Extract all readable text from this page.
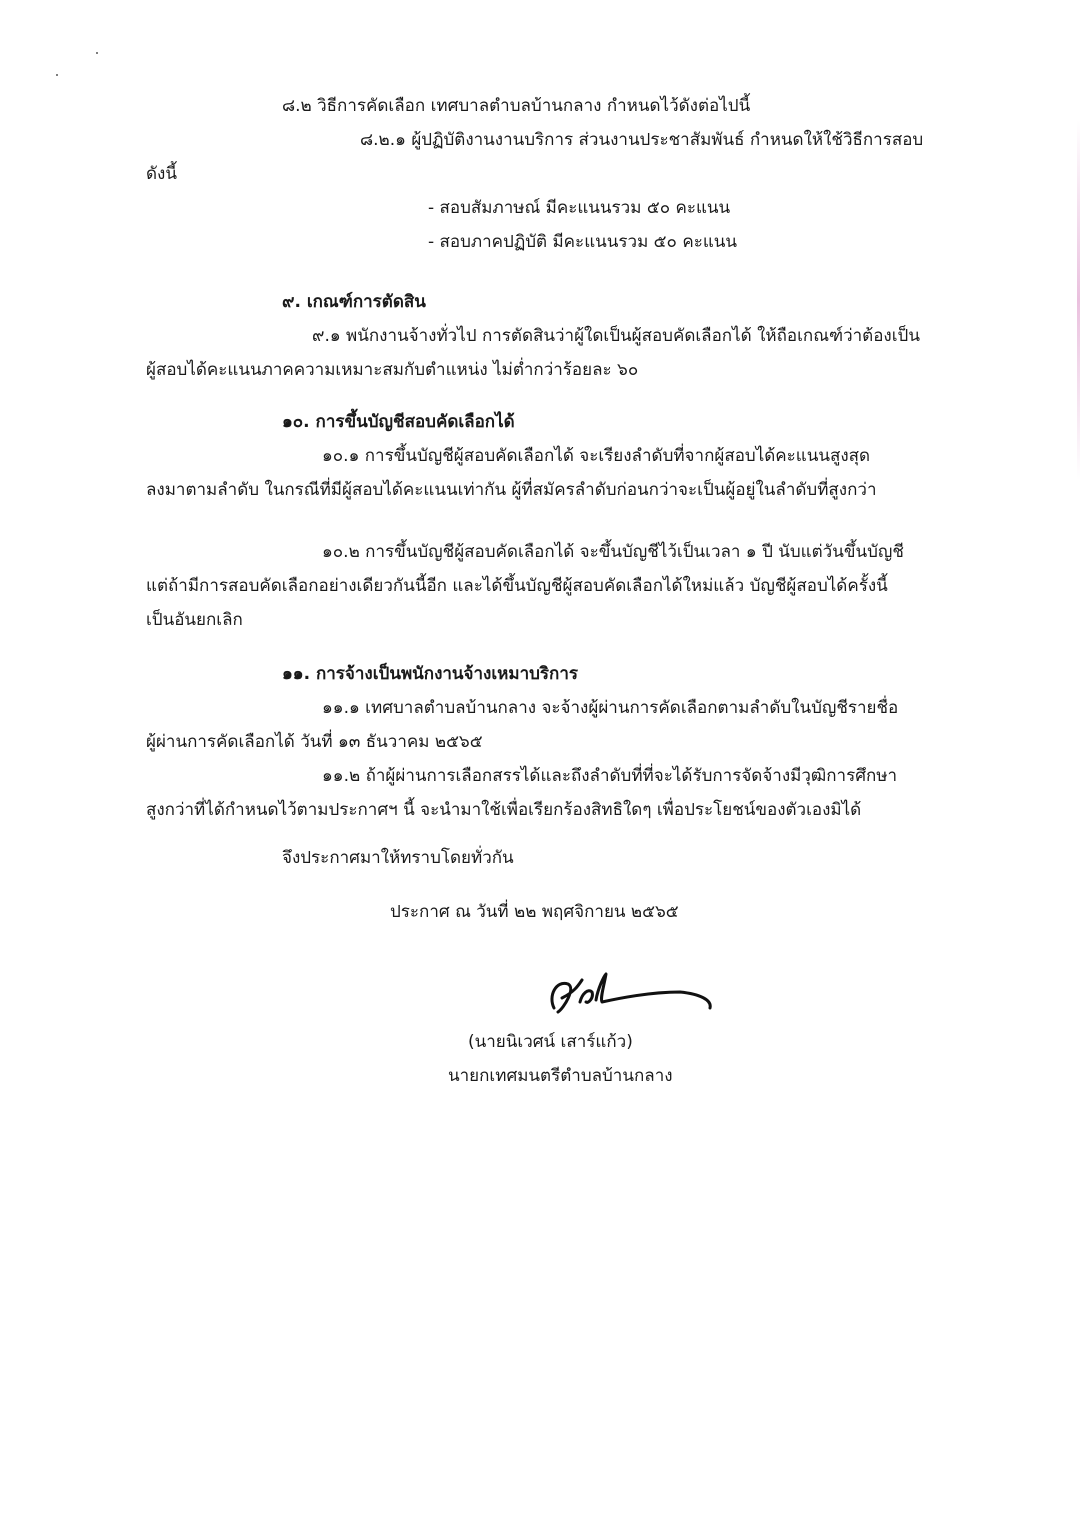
๘.๒ วิธีการคัดเลือก เทศบาลตำบลบ้านกลาง กำหนดไว้ดังต่อไปนี้
๘.๒.๑ ผู้ปฏิบัติงานงานบริการ ส่วนงานประชาสัมพันธ์ กำหนดให้ใช้วิธีการสอบ
ดังนี้
- สอบสัมภาษณ์ มีคะแนนรวม ๕๐ คะแนน
- สอบภาคปฏิบัติ มีคะแนนรวม ๕๐ คะแนน
๙. เกณฑ์การตัดสิน
๙.๑ พนักงานจ้างทั่วไป การตัดสินว่าผู้ใดเป็นผู้สอบคัดเลือกได้ ให้ถือเกณฑ์ว่าต้องเป็น
ผู้สอบได้คะแนนภาคความเหมาะสมกับตำแหน่ง ไม่ต่ำกว่าร้อยละ ๖๐
๑๐. การขึ้นบัญชีสอบคัดเลือกได้
๑๐.๑ การขึ้นบัญชีผู้สอบคัดเลือกได้ จะเรียงลำดับที่จากผู้สอบได้คะแนนสูงสุด
ลงมาตามลำดับ ในกรณีที่มีผู้สอบได้คะแนนเท่ากัน ผู้ที่สมัครลำดับก่อนกว่าจะเป็นผู้อยู่ในลำดับที่สูงกว่า
๑๐.๒ การขึ้นบัญชีผู้สอบคัดเลือกได้ จะขึ้นบัญชีไว้เป็นเวลา ๑ ปี นับแต่วันขึ้นบัญชี
แต่ถ้ามีการสอบคัดเลือกอย่างเดียวกันนี้อีก และได้ขึ้นบัญชีผู้สอบคัดเลือกได้ใหม่แล้ว บัญชีผู้สอบได้ครั้งนี้
เป็นอันยกเลิก
๑๑. การจ้างเป็นพนักงานจ้างเหมาบริการ
๑๑.๑ เทศบาลตำบลบ้านกลาง จะจ้างผู้ผ่านการคัดเลือกตามลำดับในบัญชีรายชื่อ
ผู้ผ่านการคัดเลือกได้ วันที่ ๑๓ ธันวาคม ๒๕๖๕
๑๑.๒ ถ้าผู้ผ่านการเลือกสรรได้และถึงลำดับที่ที่จะได้รับการจัดจ้างมีวุฒิการศึกษา
สูงกว่าที่ได้กำหนดไว้ตามประกาศฯ นี้ จะนำมาใช้เพื่อเรียกร้องสิทธิใดๆ เพื่อประโยชน์ของตัวเองมิได้
จึงประกาศมาให้ทราบโดยทั่วกัน
ประกาศ ณ วันที่ ๒๒ พฤศจิกายน ๒๕๖๕
(นายนิเวศน์ เสาร์แก้ว)
นายกเทศมนตรีตำบลบ้านกลาง
